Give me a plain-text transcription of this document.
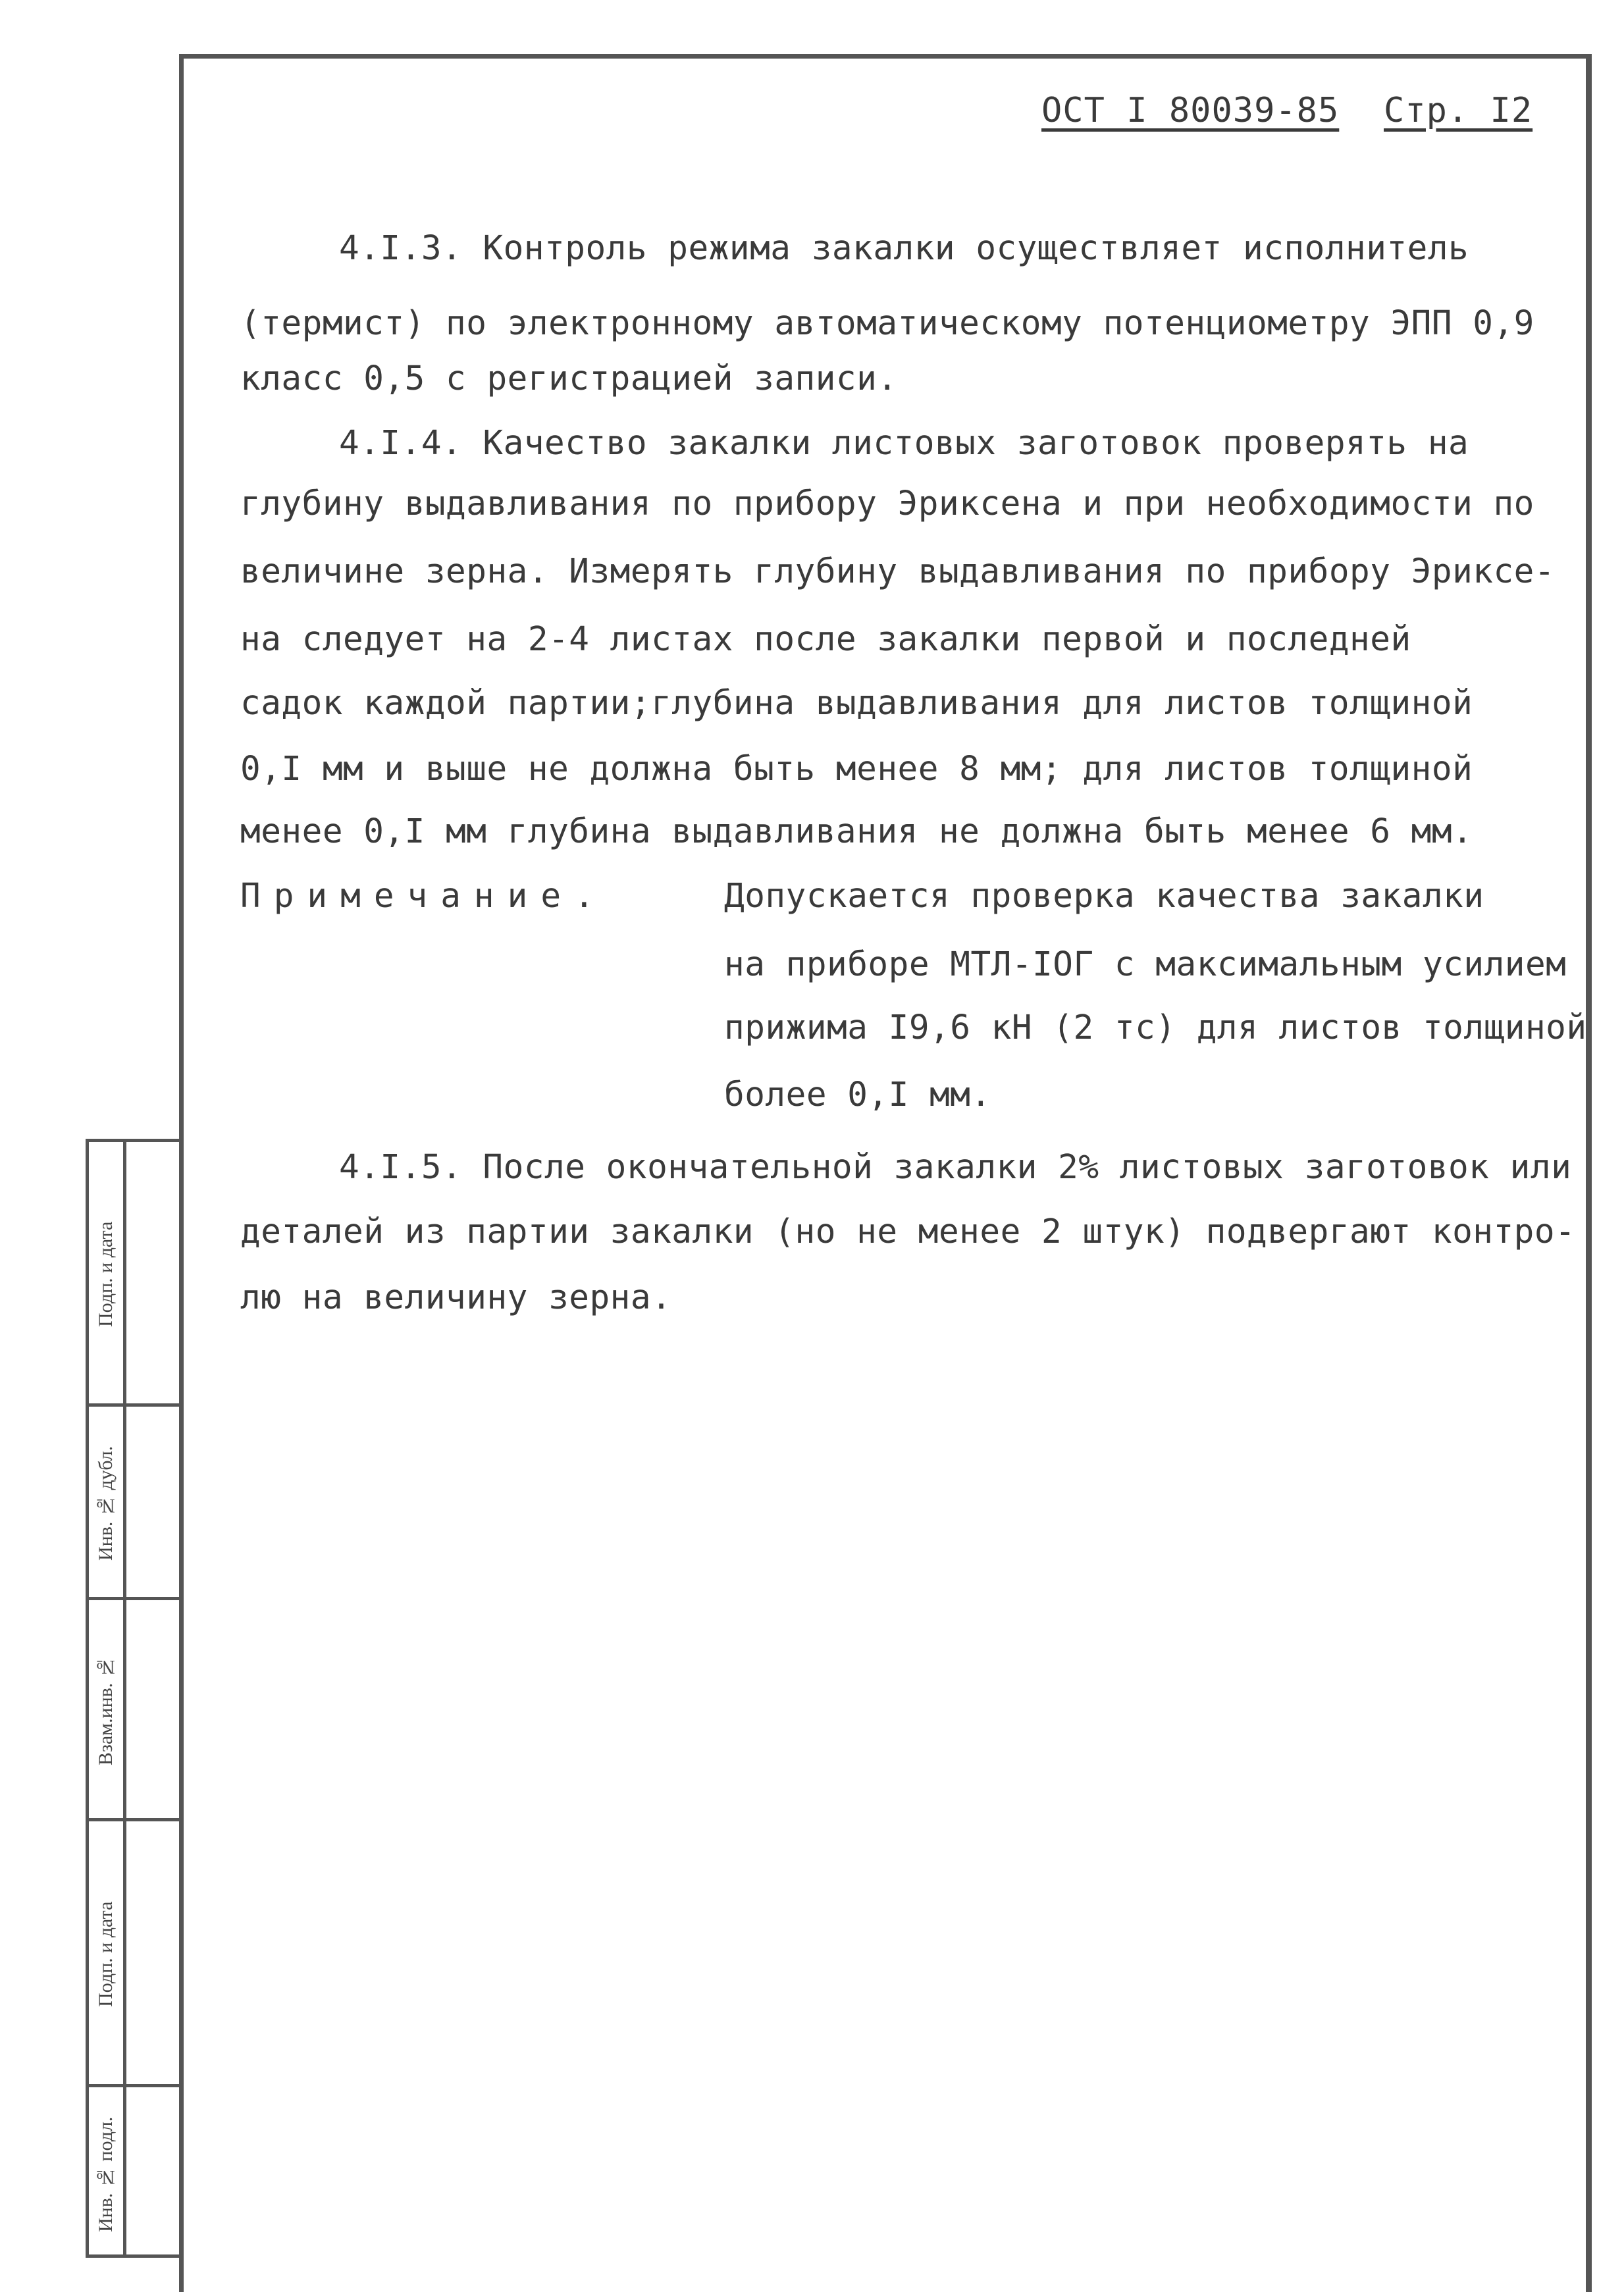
ОСТ I 80039-85 Стр. I2
4.I.3. Контроль режима закалки осуществляет исполнитель
(термист) по электронному автоматическому потенциометру ЭПП 0,9
класс 0,5 с регистрацией записи.
4.I.4. Качество закалки листовых заготовок проверять на
глубину выдавливания по прибору Эриксена и при необходимости по
величине зерна. Измерять глубину выдавливания по прибору Эриксе-
на следует на 2-4 листах после закалки первой и последней
садок каждой партии;глубина выдавливания для листов толщиной
0,I мм и выше не должна быть менее 8 мм; для листов толщиной
менее 0,I мм глубина выдавливания не должна быть менее 6 мм.
Примечание.	Допускается проверка качества закалки
на приборе МТЛ-IОГ с максимальным усилием
прижима I9,6 кН (2 тс) для листов толщиной
более 0,I мм.
4.I.5. После окончательной закалки 2% листовых заготовок или
деталей из партии закалки (но не менее 2 штук) подвергают контро-
лю на величину зерна.
Подп. и дата
Инв. № дубл.
Взам.инв. №
Подп. и дата
Инв. № подл.
